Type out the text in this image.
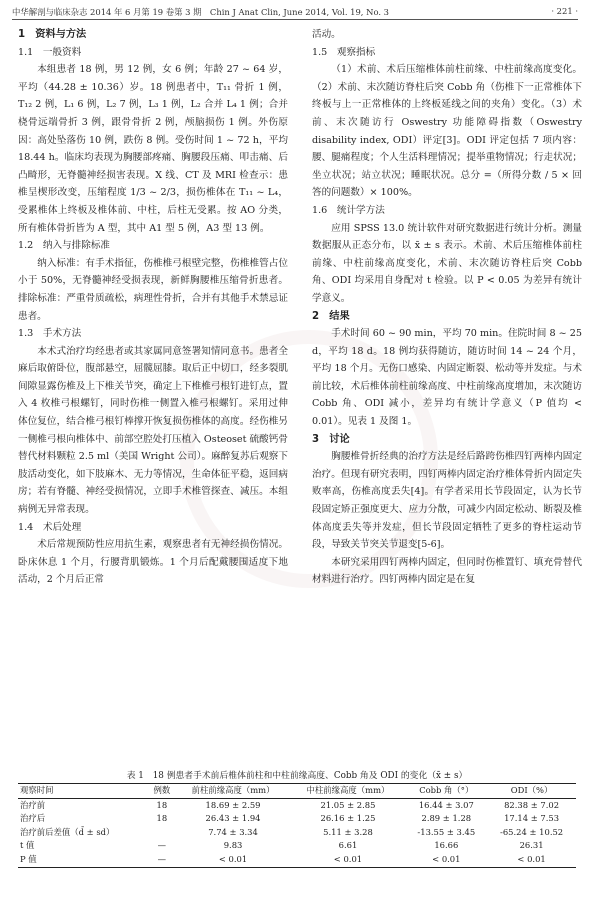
中华解剖与临床杂志 2014 年 6 月第 19 卷第 3 期　Chin J Anat Clin, June 2014, Vol. 19, No. 3	· 221 ·

1　资料与方法

1.1　一般资料

本组患者 18 例，男 12 例，女 6 例；年龄 27 ~ 64 岁，平均（44.28 ± 10.36）岁。18 例患者中，T₁₁ 骨折 1 例，T₁₂ 2 例，L₁ 6 例，L₂ 7 例，L₃ 1 例，L₂ 合并 L₄ 1 例；合并桡骨远端骨折 3 例，跟骨骨折 2 例，颅脑损伤 1 例。外伤原因：高处坠落伤 10 例，跌伤 8 例。受伤时间 1 ~ 72 h，平均 18.44 h。临床均表现为胸腰部疼痛、胸腰段压痛、叩击痛、后凸畸形，无脊髓神经损害表现。X 线、CT 及 MRI 检查示：患椎呈楔形改变，压缩程度 1/3 ~ 2/3，损伤椎体在 T₁₁ ~ L₄，受累椎体上终板及椎体前、中柱，后柱无受累。按 AO 分类，所有椎体骨折皆为 A 型，其中 A1 型 5 例，A3 型 13 例。

1.2　纳入与排除标准

纳入标准：有手术指征，伤椎椎弓根壁完整，伤椎椎管占位小于 50%，无脊髓神经受损表现，新鲜胸腰椎压缩骨折患者。排除标准：严重骨质疏松，病理性骨折，合并有其他手术禁忌证患者。

1.3　手术方法

本术式治疗均经患者或其家属同意签署知情同意书。患者全麻后取俯卧位，腹部悬空，屈髋屈膝。取后正中切口，经多裂肌间隙显露伤椎及上下椎关节突，确定上下椎椎弓根钉进钉点，置入 4 枚椎弓根螺钉，同时伤椎一侧置入椎弓根螺钉。采用过伸体位复位，结合椎弓根钉棒撑开恢复损伤椎体的高度。经伤椎另一侧椎弓根向椎体中、前部空腔处打压植入 Osteoset 硫酸钙骨替代材料颗粒 2.5 ml（美国 Wright 公司）。麻醉复苏后观察下肢活动变化，如下肢麻木、无力等情况，生命体征平稳，返回病房；若有脊髓、神经受损情况，立即手术椎管探查、减压。本组病例无异常表现。

1.4　术后处理

术后常规预防性应用抗生素，观察患者有无神经损伤情况。卧床休息 1 个月，行腰背肌锻炼。1 个月后配戴腰围适度下地活动，2 个月后正常

活动。

1.5　观察指标

（1）术前、术后压缩椎体前柱前缘、中柱前缘高度变化。（2）术前、末次随访脊柱后突 Cobb 角（伤椎下一正常椎体下终板与上一正常椎体的上终板延线之间的夹角）变化。（3）术前、末次随访行 Oswestry 功能障碍指数（Oswestry disability index, ODI）评定[3]。ODI 评定包括 7 项内容：腰、腿痛程度；个人生活料理情况；提举重物情况；行走状况；坐立状况；站立状况；睡眠状况。总分 =（所得分数 / 5 × 回答的问题数）× 100%。

1.6　统计学方法

应用 SPSS 13.0 统计软件对研究数据进行统计分析。测量数据服从正态分布，以 x̄ ± s 表示。术前、术后压缩椎体前柱前缘、中柱前缘高度变化，术前、末次随访脊柱后突 Cobb 角、ODI 均采用自身配对 t 检验。以 P < 0.05 为差异有统计学意义。

2　结果

手术时间 60 ~ 90 min，平均 70 min。住院时间 8 ~ 25 d，平均 18 d。18 例均获得随访，随访时间 14 ~ 24 个月，平均 18 个月。无伤口感染、内固定断裂、松动等并发症。与术前比较，术后椎体前柱前缘高度、中柱前缘高度增加，末次随访 Cobb 角、ODI 减小，差异均有统计学意义（P 值均 < 0.01）。见表 1 及图 1。

3　讨论

胸腰椎骨折经典的治疗方法是经后路跨伤椎四钉两棒内固定治疗。但现有研究表明，四钉两棒内固定治疗椎体骨折内固定失败率高，伤椎高度丢失[4]。有学者采用长节段固定，认为长节段固定矫正强度更大、应力分散，可减少内固定松动、断裂及椎体高度丢失等并发症，但长节段固定牺牲了更多的脊柱运动节段，导致关节突关节退变[5-6]。

本研究采用四钉两棒内固定，但同时伤椎置钉、填充骨替代材料进行治疗。四钉两棒内固定是在复

表 1　18 例患者手术前后椎体前柱和中柱前缘高度、Cobb 角及 ODI 的变化（x̄ ± s）
观察时间	例数	前柱前缘高度（mm）	中柱前缘高度（mm）	Cobb 角（°）	ODI（%）
治疗前	18	18.69 ± 2.59	21.05 ± 2.85	16.44 ± 3.07	82.38 ± 7.02
治疗后	18	26.43 ± 1.94	26.16 ± 1.25	2.89 ± 1.28	17.14 ± 7.53
治疗前后差值（d̄ ± sd）		7.74 ± 3.34	5.11 ± 3.28	-13.55 ± 3.45	-65.24 ± 10.52
t 值	—	9.83	6.61	16.66	26.31
P 值	—	< 0.01	< 0.01	< 0.01	< 0.01
